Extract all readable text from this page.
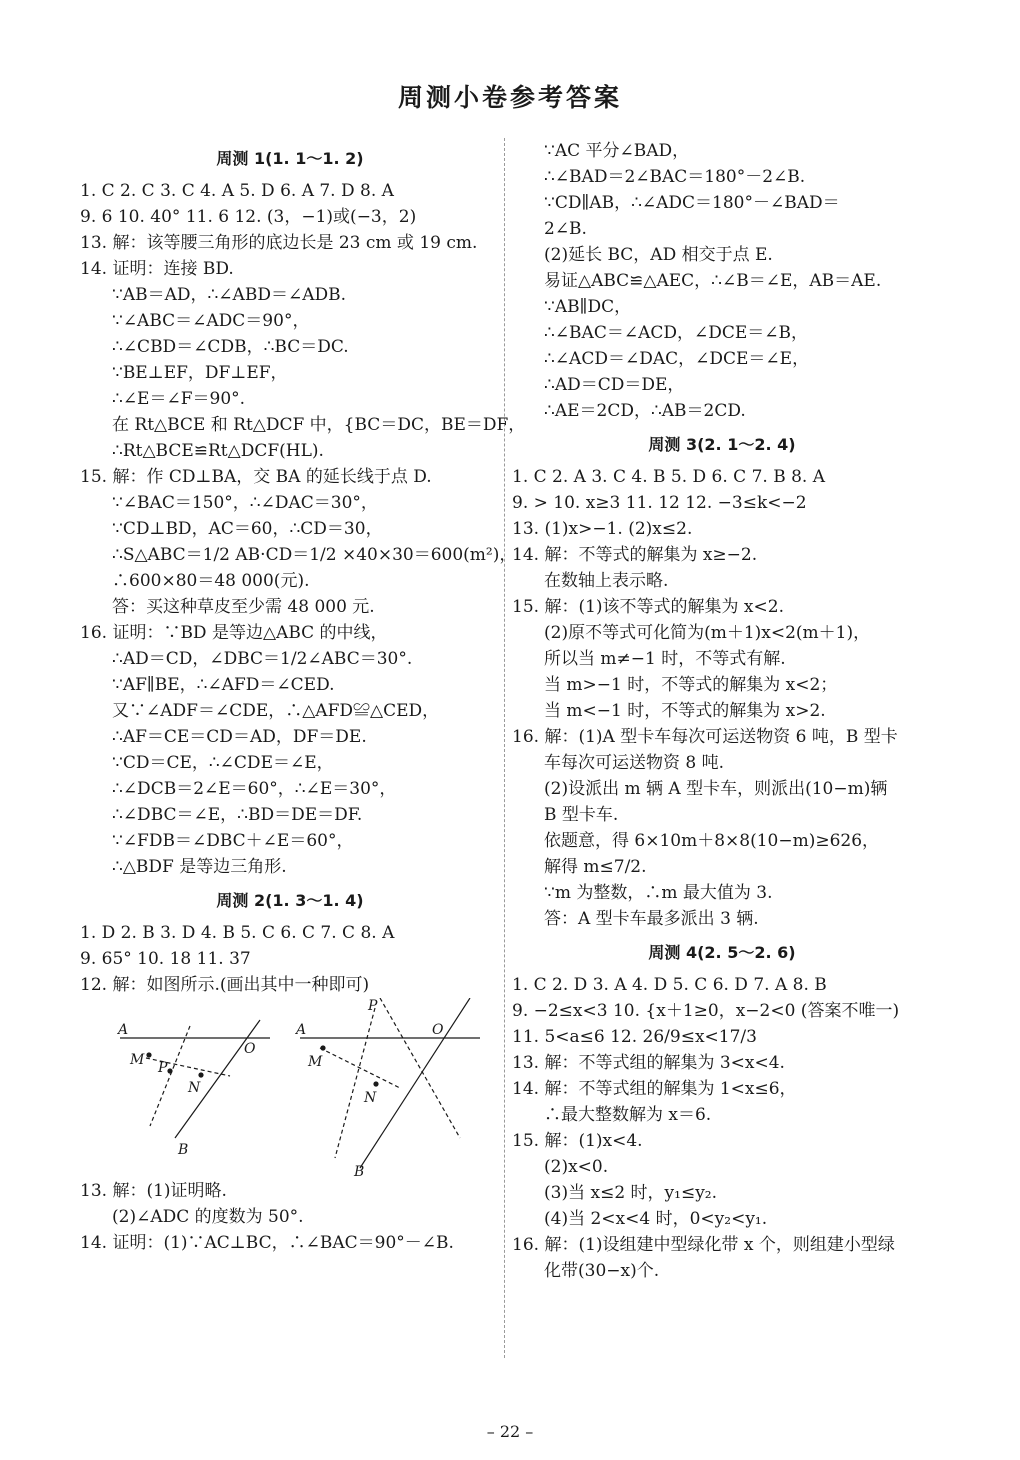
周测小卷参考答案
周测 1(1. 1～1. 2)
1. C 2. C 3. C 4. A 5. D 6. A 7. D 8. A
9. 6 10. 40° 11. 6 12. (3，−1)或(−3，2)
13. 解：该等腰三角形的底边长是 23 cm 或 19 cm.
14. 证明：连接 BD.
∵AB＝AD，∴∠ABD＝∠ADB.
∵∠ABC＝∠ADC＝90°，
∴∠CBD＝∠CDB，∴BC＝DC.
∵BE⊥EF，DF⊥EF，
∴∠E＝∠F＝90°.
在 Rt△BCE 和 Rt△DCF 中，{BC＝DC，BE＝DF，
∴Rt△BCE≌Rt△DCF(HL).
15. 解：作 CD⊥BA，交 BA 的延长线于点 D.
∵∠BAC＝150°，∴∠DAC＝30°，
∵CD⊥BD，AC＝60，∴CD＝30，
∴S△ABC＝1/2 AB·CD＝1/2 ×40×30＝600(m²)，
∴600×80＝48 000(元).
答：买这种草皮至少需 48 000 元.
16. 证明：∵BD 是等边△ABC 的中线，
∴AD＝CD，∠DBC＝1/2∠ABC＝30°.
∵AF∥BE，∴∠AFD＝∠CED.
又∵∠ADF＝∠CDE，∴△AFD≌△CED，
∴AF＝CE＝CD＝AD，DF＝DE.
∵CD＝CE，∴∠CDE＝∠E，
∴∠DCB＝2∠E＝60°，∴∠E＝30°，
∴∠DBC＝∠E，∴BD＝DE＝DF.
∵∠FDB＝∠DBC＋∠E＝60°，
∴△BDF 是等边三角形.
周测 2(1. 3～1. 4)
1. D 2. B 3. D 4. B 5. C 6. C 7. C 8. A
9. 65° 10. 18 11. 37
12. 解：如图所示.(画出其中一种即可)
A
O
M P
N
B
P
A	O
M
N
B
13. 解：(1)证明略.
(2)∠ADC 的度数为 50°.
14. 证明：(1)∵AC⊥BC，∴∠BAC＝90°－∠B.
∵AC 平分∠BAD，
∴∠BAD＝2∠BAC＝180°－2∠B.
∵CD∥AB，∴∠ADC＝180°－∠BAD＝
2∠B.
(2)延长 BC，AD 相交于点 E.
易证△ABC≌△AEC，∴∠B＝∠E，AB＝AE.
∵AB∥DC，
∴∠BAC＝∠ACD，∠DCE＝∠B，
∴∠ACD＝∠DAC，∠DCE＝∠E，
∴AD＝CD＝DE，
∴AE＝2CD，∴AB＝2CD.
周测 3(2. 1～2. 4)
1. C 2. A 3. C 4. B 5. D 6. C 7. B 8. A
9. > 10. x≥3 11. 12 12. −3≤k<−2
13. (1)x>−1. (2)x≤2.
14. 解：不等式的解集为 x≥−2.
在数轴上表示略.
15. 解：(1)该不等式的解集为 x<2.
(2)原不等式可化简为(m＋1)x<2(m＋1)，
所以当 m≠−1 时，不等式有解.
当 m>−1 时，不等式的解集为 x<2；
当 m<−1 时，不等式的解集为 x>2.
16. 解：(1)A 型卡车每次可运送物资 6 吨，B 型卡
车每次可运送物资 8 吨.
(2)设派出 m 辆 A 型卡车，则派出(10−m)辆
B 型卡车.
依题意，得 6×10m＋8×8(10−m)≥626，
解得 m≤7/2.
∵m 为整数，∴m 最大值为 3.
答：A 型卡车最多派出 3 辆.
周测 4(2. 5～2. 6)
1. C 2. D 3. A 4. D 5. C 6. D 7. A 8. B
9. −2≤x<3 10. {x＋1≥0，x−2<0 (答案不唯一)
11. 5<a≤6 12. 26/9≤x<17/3
13. 解：不等式组的解集为 3<x<4.
14. 解：不等式组的解集为 1<x≤6，
∴最大整数解为 x＝6.
15. 解：(1)x<4.
(2)x<0.
(3)当 x≤2 时，y₁≤y₂.
(4)当 2<x<4 时，0<y₂<y₁.
16. 解：(1)设组建中型绿化带 x 个，则组建小型绿
化带(30−x)个.
– 22 –
